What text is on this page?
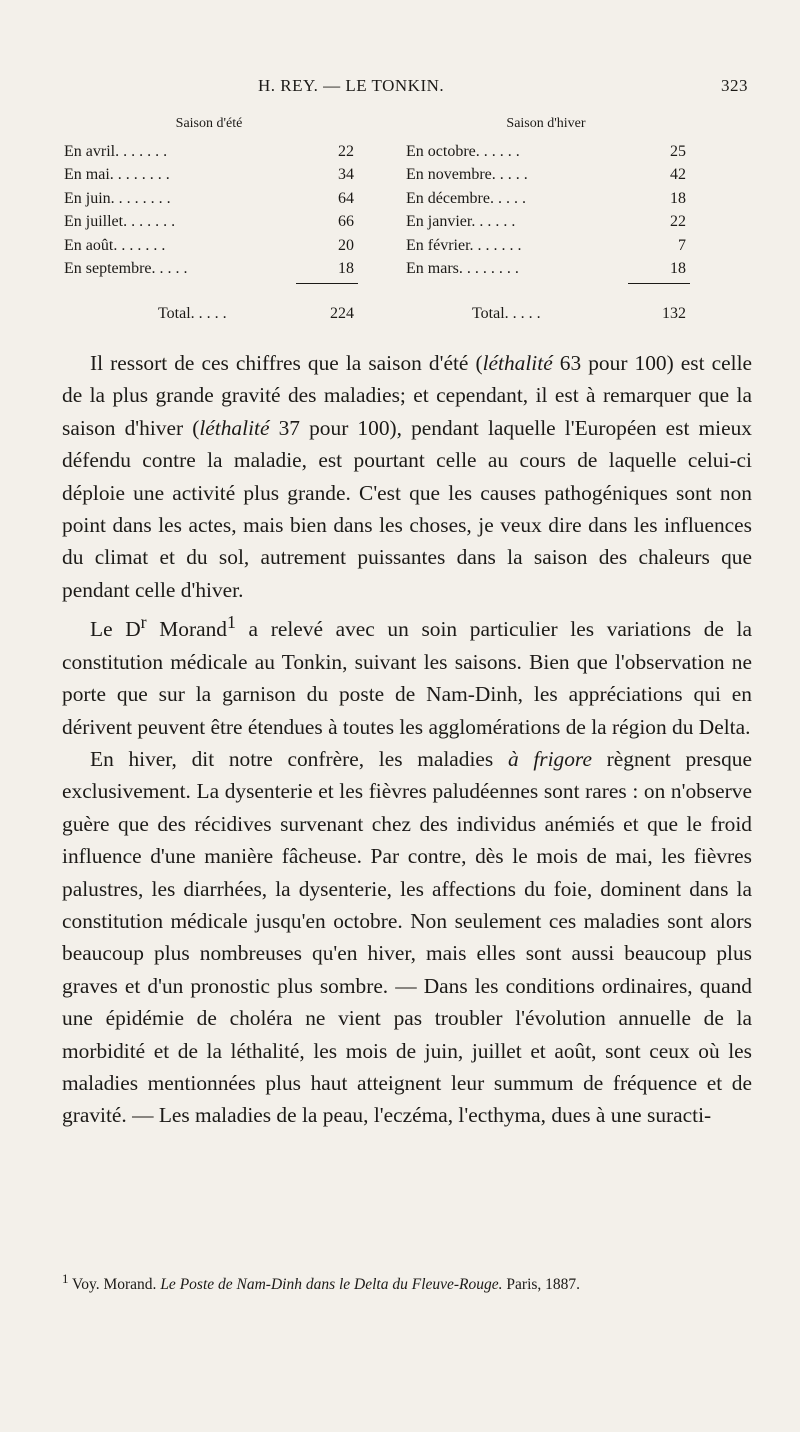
H. REY. — LE TONKIN.	323
Saison d'été
En avril. . . . . . .	22
En mai. . . . . . . .	34
En juin. . . . . . . .	64
En juillet. . . . . . .	66
En août. . . . . . .	20
En septembre. . . . .	18
Total. . . . .	224
Saison d'hiver
En octobre. . . . . .	25
En novembre. . . . .	42
En décembre. . . . .	18
En janvier. . . . . .	22
En février. . . . . . .	7
En mars. . . . . . . .	18
Total. . . . .	132

Il ressort de ces chiffres que la saison d'été (léthalité 63 pour 100) est celle de la plus grande gravité des maladies; et cependant, il est à remarquer que la saison d'hiver (léthalité 37 pour 100), pendant laquelle l'Européen est mieux défendu contre la maladie, est pourtant celle au cours de laquelle celui-ci déploie une activité plus grande. C'est que les causes pathogéniques sont non point dans les actes, mais bien dans les choses, je veux dire dans les influences du climat et du sol, autrement puissantes dans la saison des chaleurs que pendant celle d'hiver.

Le $D^r$ Morand$^1$ a relevé avec un soin particulier les variations de la constitution médicale au Tonkin, suivant les saisons. Bien que l'observation ne porte que sur la garnison du poste de Nam-Dinh, les appréciations qui en dérivent peuvent être étendues à toutes les agglomérations de la région du Delta.

En hiver, dit notre confrère, les maladies à frigore règnent presque exclusivement. La dysenterie et les fièvres paludéennes sont rares : on n'observe guère que des récidives survenant chez des individus anémiés et que le froid influence d'une manière fâcheuse. Par contre, dès le mois de mai, les fièvres palustres, les diarrhées, la dysenterie, les affections du foie, dominent dans la constitution médicale jusqu'en octobre. Non seulement ces maladies sont alors beaucoup plus nombreuses qu'en hiver, mais elles sont aussi beaucoup plus graves et d'un pronostic plus sombre. — Dans les conditions ordinaires, quand une épidémie de choléra ne vient pas troubler l'évolution annuelle de la morbidité et de la léthalité, les mois de juin, juillet et août, sont ceux où les maladies mentionnées plus haut atteignent leur summum de fréquence et de gravité. — Les maladies de la peau, l'eczéma, l'ecthyma, dues à une suracti-

$^1$ Voy. Morand. Le Poste de Nam-Dinh dans le Delta du Fleuve-Rouge. Paris, 1887.
